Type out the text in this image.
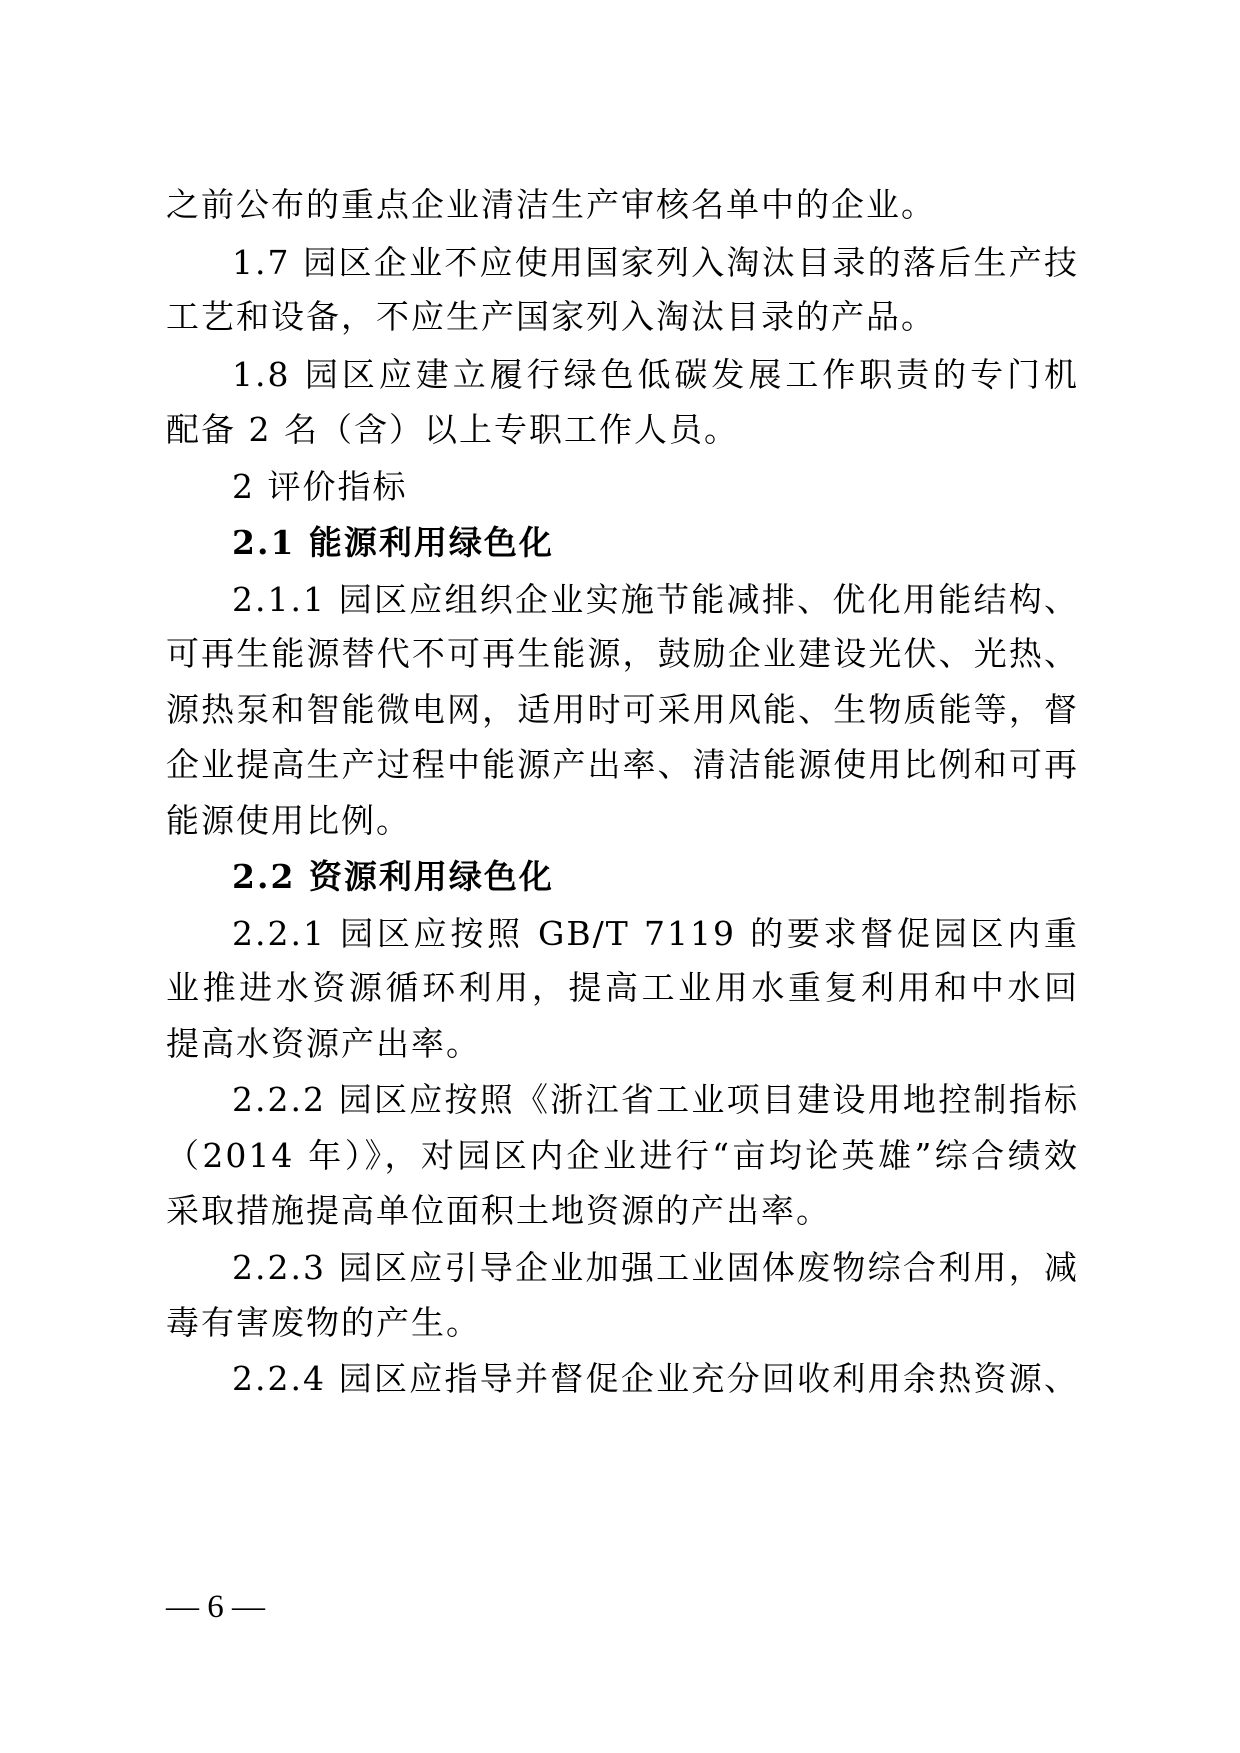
之前公布的重点企业清洁生产审核名单中的企业。

1.7 园区企业不应使用国家列入淘汰目录的落后生产技

工艺和设备，不应生产国家列入淘汰目录的产品。

1.8 园区应建立履行绿色低碳发展工作职责的专门机

配备 2 名（含）以上专职工作人员。

2 评价指标

2.1 能源利用绿色化

2.1.1 园区应组织企业实施节能减排、优化用能结构、

可再生能源替代不可再生能源，鼓励企业建设光伏、光热、

源热泵和智能微电网，适用时可采用风能、生物质能等，督

企业提高生产过程中能源产出率、清洁能源使用比例和可再

能源使用比例。

2.2 资源利用绿色化

2.2.1 园区应按照 GB/T 7119 的要求督促园区内重

业推进水资源循环利用，提高工业用水重复利用和中水回

提高水资源产出率。

2.2.2 园区应按照《浙江省工业项目建设用地控制指标

（2014 年）》，对园区内企业进行“亩均论英雄”综合绩效

采取措施提高单位面积土地资源的产出率。

2.2.3 园区应引导企业加强工业固体废物综合利用，减

毒有害废物的产生。

2.2.4 园区应指导并督促企业充分回收利用余热资源、

— 6 —
